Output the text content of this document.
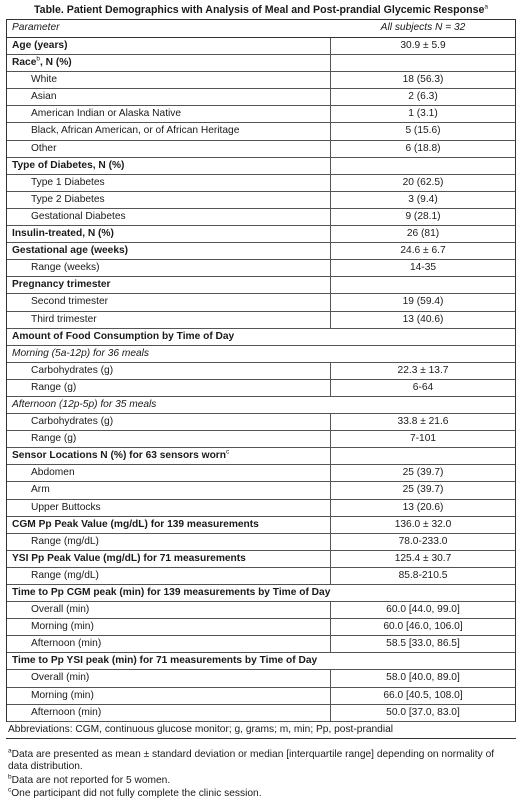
Table. Patient Demographics with Analysis of Meal and Post-prandial Glycemic Response$^a$
Parameter	All subjects N = 32
Age (years)	30.9 ± 5.9
Race$^b$, N (%)
White	18 (56.3)
Asian	2 (6.3)
American Indian or Alaska Native	1 (3.1)
Black, African American, or of African Heritage	5 (15.6)
Other	6 (18.8)
Type of Diabetes, N (%)
Type 1 Diabetes	20 (62.5)
Type 2 Diabetes	3 (9.4)
Gestational Diabetes	9 (28.1)
Insulin-treated, N (%)	26 (81)
Gestational age (weeks)	24.6 ± 6.7
Range (weeks)	14-35
Pregnancy trimester
Second trimester	19 (59.4)
Third trimester	13 (40.6)
Amount of Food Consumption by Time of Day
Morning (5a-12p) for 36 meals
Carbohydrates (g)	22.3 ± 13.7
Range (g)	6-64
Afternoon (12p-5p) for 35 meals
Carbohydrates (g)	33.8 ± 21.6
Range (g)	7-101
Sensor Locations N (%) for 63 sensors worn$^c$
Abdomen	25 (39.7)
Arm	25 (39.7)
Upper Buttocks	13 (20.6)
CGM Pp Peak Value (mg/dL) for 139 measurements	136.0 ± 32.0
Range (mg/dL)	78.0-233.0
YSI Pp Peak Value (mg/dL) for 71 measurements	125.4 ± 30.7
Range (mg/dL)	85.8-210.5
Time to Pp CGM peak (min) for 139 measurements by Time of Day
Overall (min)	60.0 [44.0, 99.0]
Morning (min)	60.0 [46.0, 106.0]
Afternoon (min)	58.5 [33.0, 86.5]
Time to Pp YSI peak (min) for 71 measurements by Time of Day
Overall (min)	58.0 [40.0, 89.0]
Morning (min)	66.0 [40.5, 108.0]
Afternoon (min)	50.0 [37.0, 83.0]
Abbreviations: CGM, continuous glucose monitor; g, grams; m, min; Pp, post-prandial

$^a$Data are presented as mean ± standard deviation or median [interquartile range] depending on normality of data distribution.

$^b$Data are not reported for 5 women.

$^c$One participant did not fully complete the clinic session.
